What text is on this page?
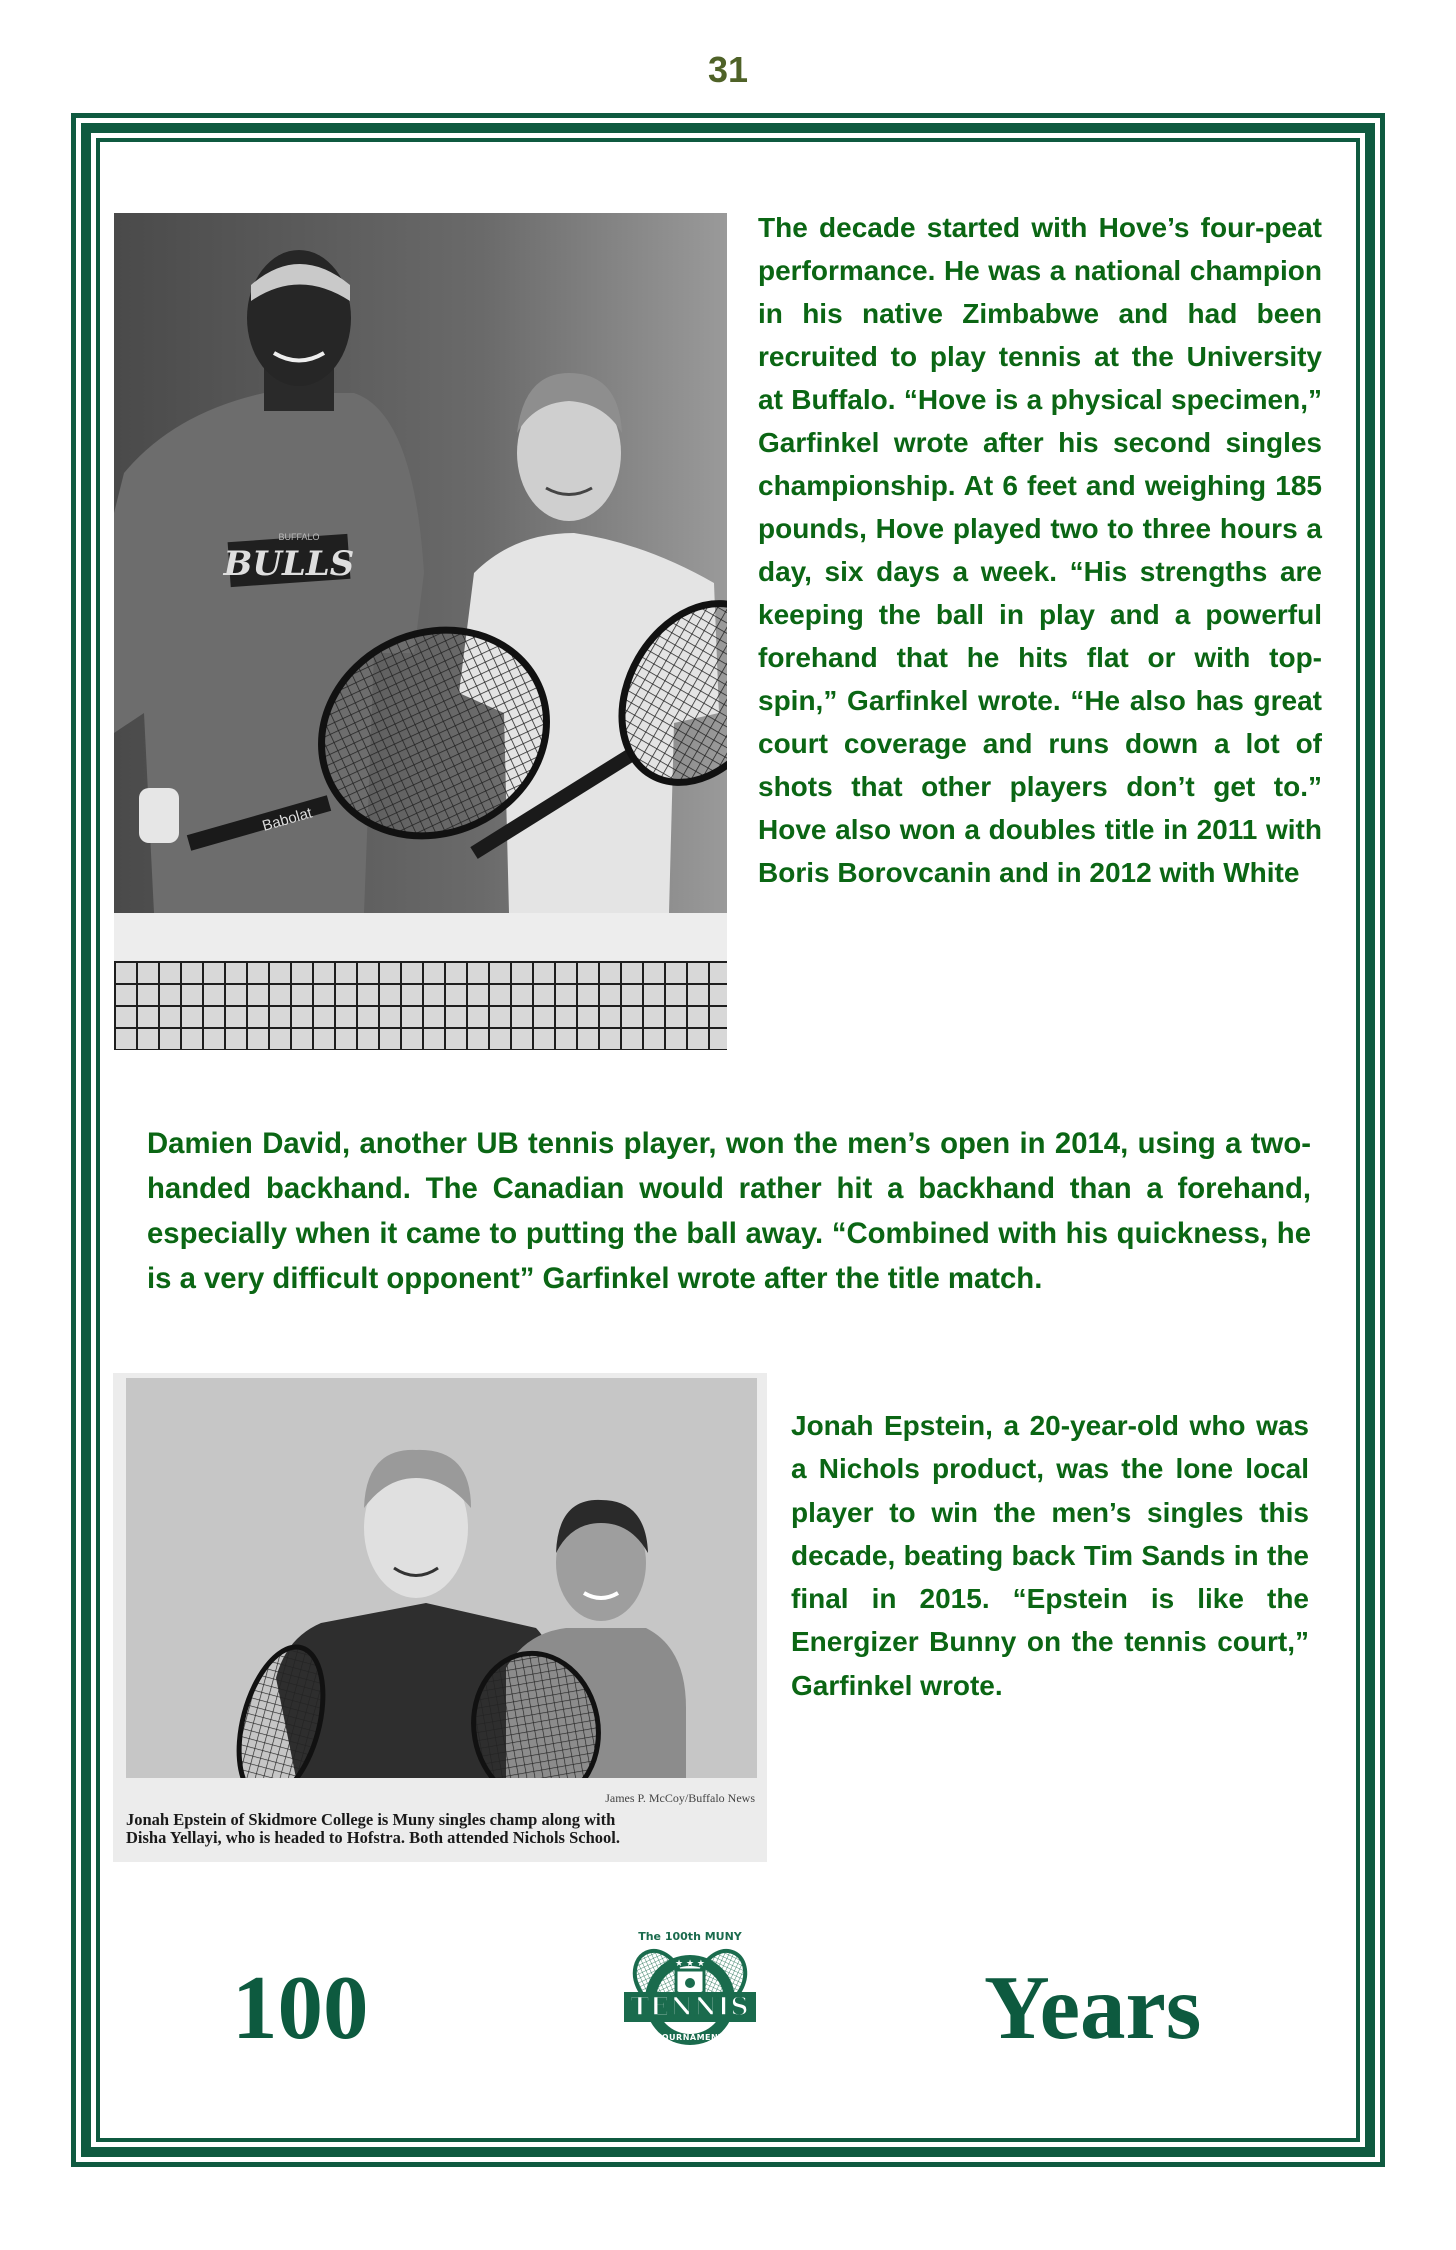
31
BULLS
BUFFALO
Babolat

The decade started with Hove’s four-peat performance. He was a national champion in his native Zimbabwe and had been recruited to play tennis at the University at Buffalo. “Hove is a physical specimen,” Garfinkel wrote after his second singles championship. At 6 feet and weighing 185 pounds, Hove played two to three hours a day, six days a week. “His strengths are keeping the ball in play and a powerful forehand that he hits flat or with top-spin,” Garfinkel wrote. “He also has great court coverage and runs down a lot of shots that other players don’t get to.” Hove also won a doubles title in 2011 with Boris Borovcanin and in 2012 with White

Damien David, another UB tennis player, won the men’s open in 2014, using a two-handed backhand. The Canadian would rather hit a backhand than a forehand, especially when it came to putting the ball away. “Combined with his quickness, he is a very difficult opponent” Garfinkel wrote after the title match.

James P. McCoy/Buffalo News
Jonah Epstein of Skidmore College is Muny singles champ along with
Disha Yellayi, who is headed to Hofstra. Both attended Nichols School.

Jonah Epstein, a 20-year-old who was a Nichols product, was the lone local player to win the men’s singles this decade, beating back Tim Sands in the final in 2015. “Epstein is like the Energizer Bunny on the tennis court,” Garfinkel wrote.

100	★ ★ ★
TOURNAMENT
The 100th MUNY
TENNIS	Years
